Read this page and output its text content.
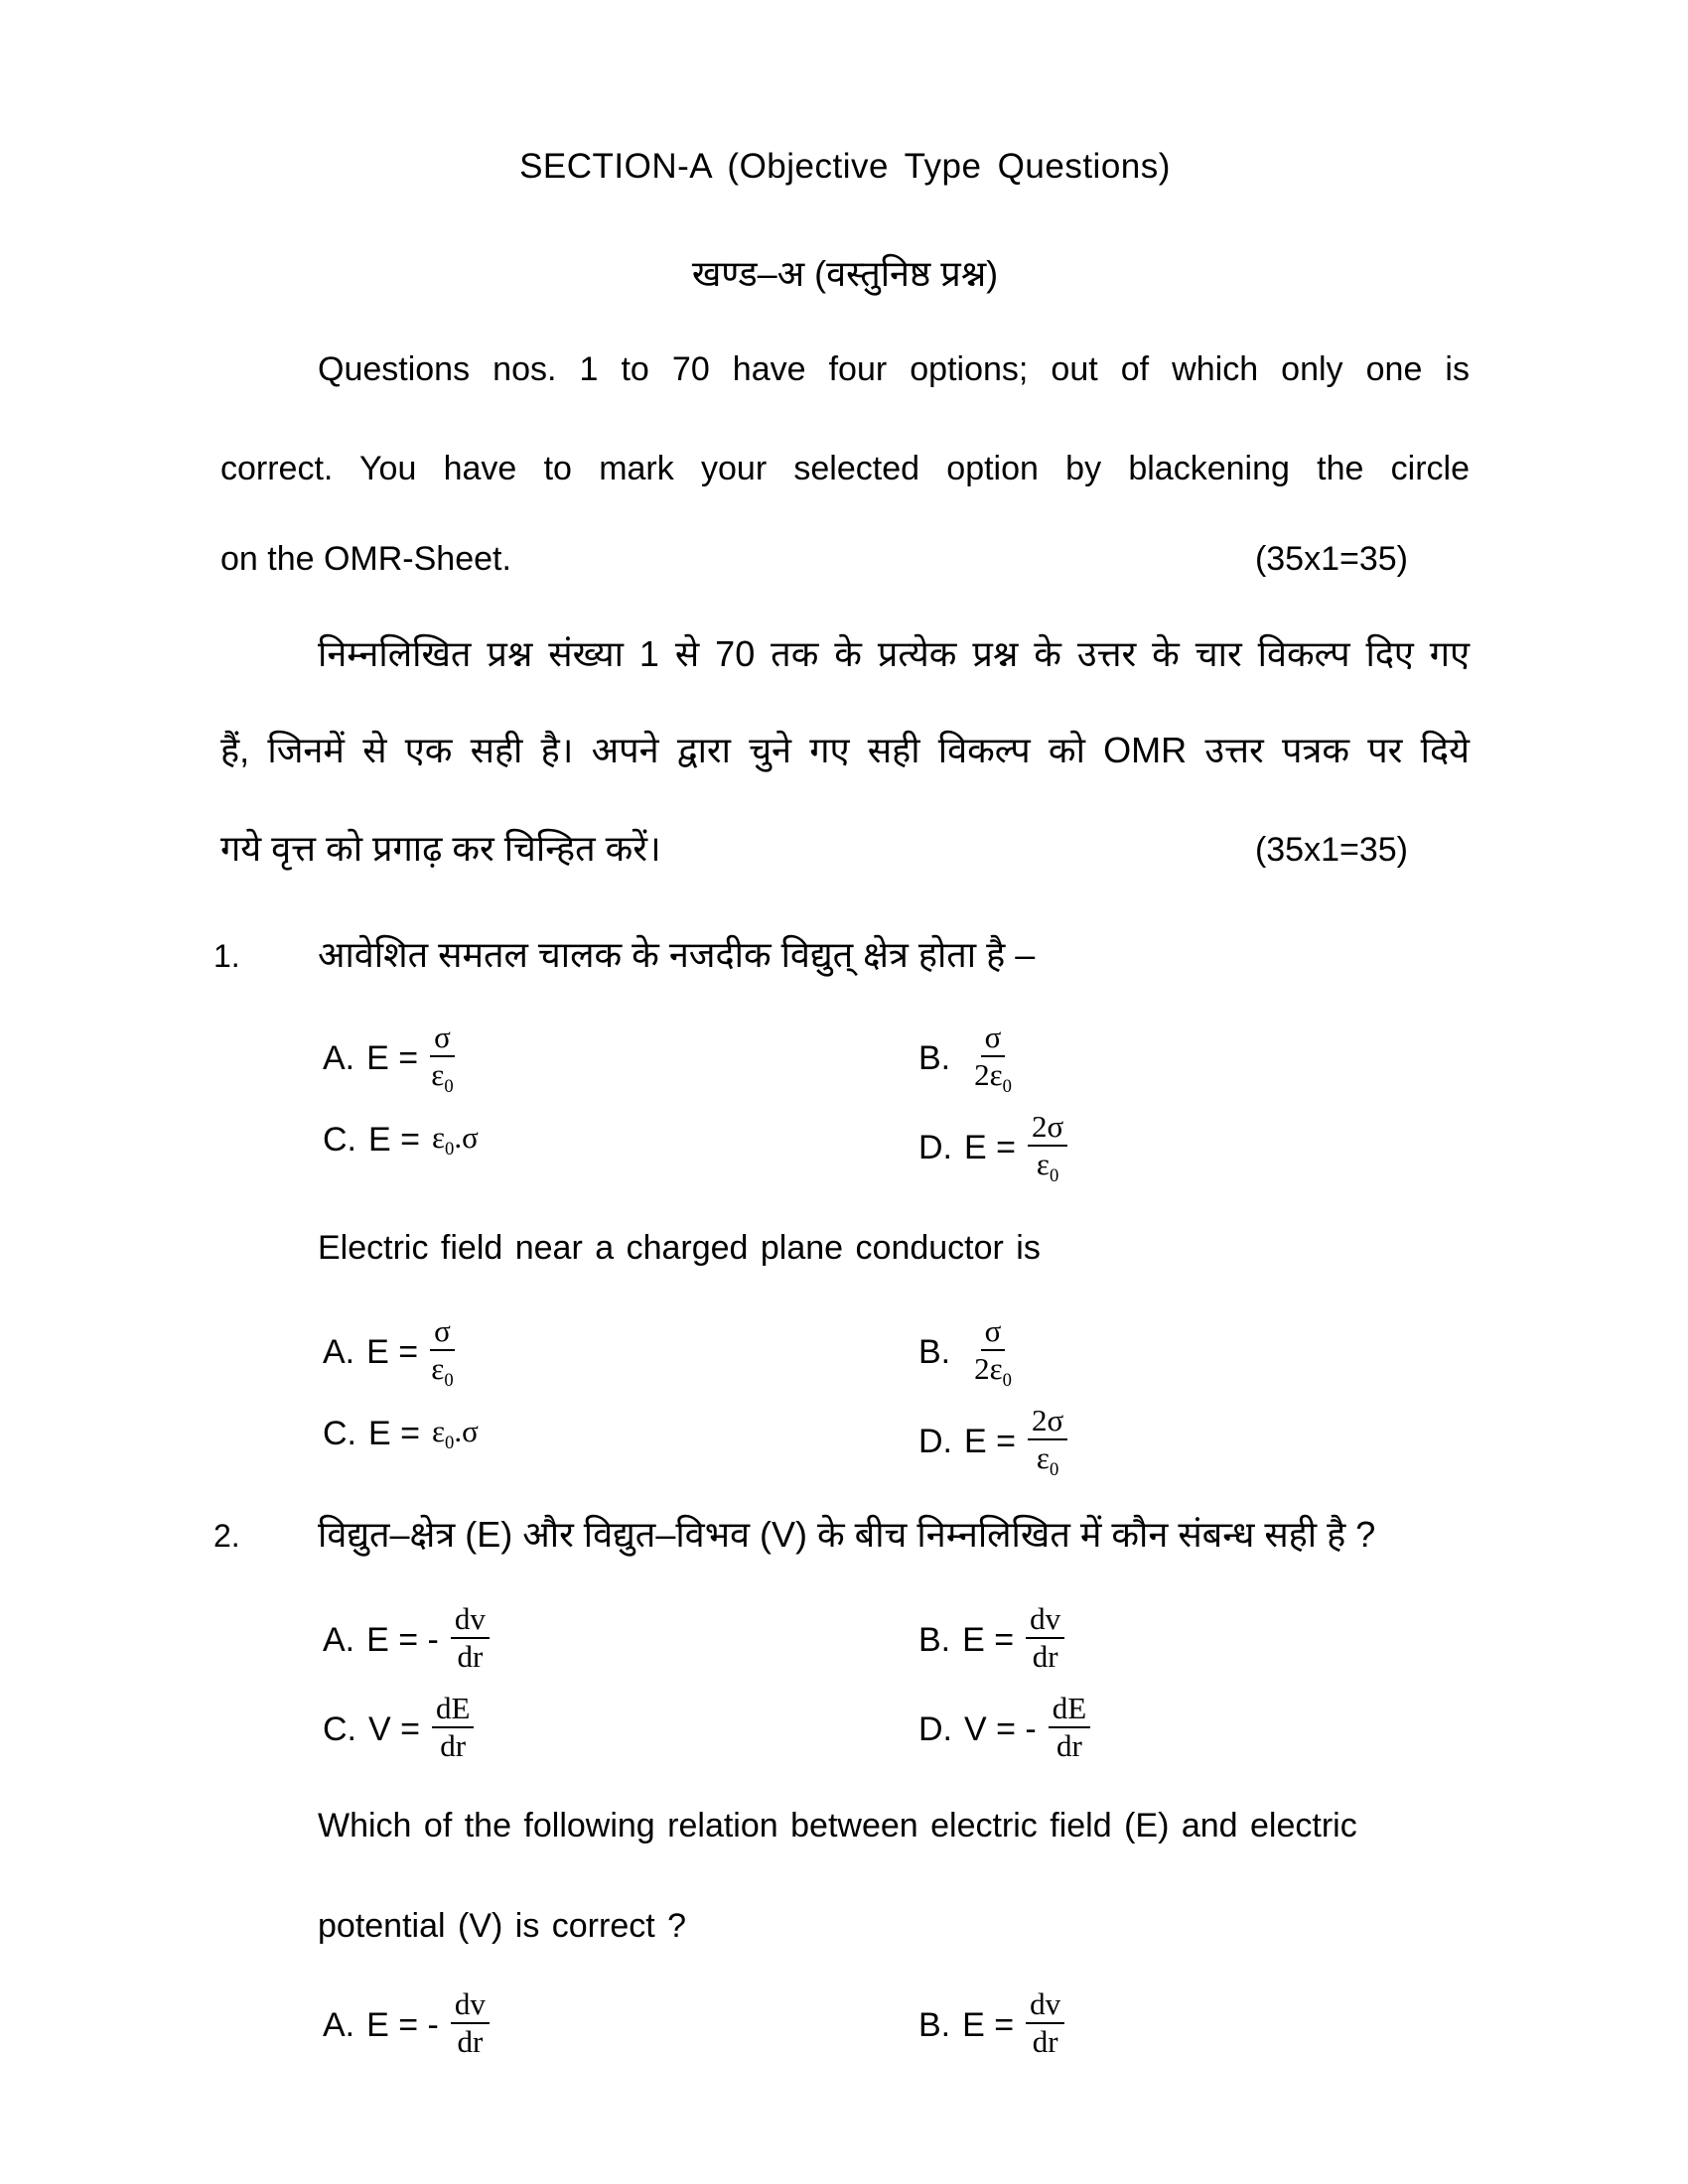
SECTION-A (Objective Type Questions)
खण्ड–अ (वस्तुनिष्ठ प्रश्न)
Questions nos. 1 to 70 have four options; out of which only one is
correct. You have to mark your selected option by blackening the circle
on the OMR-Sheet.	(35x1=35)
निम्नलिखित प्रश्न संख्या 1 से 70 तक के प्रत्येक प्रश्न के उत्तर के चार विकल्प दिए गए
हैं, जिनमें से एक सही है। अपने द्वारा चुने गए सही विकल्प को OMR उत्तर पत्रक पर दिये
गये वृत्त को प्रगाढ़ कर चिन्हित करें।	(35x1=35)
1.	आवेशित समतल चालक के नजदीक विद्युत् क्षेत्र होता है –
A. $E = \frac{\sigma}{\varepsilon_0}$	B. $\frac{\sigma}{2\varepsilon_0}$
C. $E = \varepsilon_0.\sigma$	D. $E = \frac{2\sigma}{\varepsilon_0}$
Electric field near a charged plane conductor is
A. $E = \frac{\sigma}{\varepsilon_0}$	B. $\frac{\sigma}{2\varepsilon_0}$
C. $E = \varepsilon_0.\sigma$	D. $E = \frac{2\sigma}{\varepsilon_0}$
2.	विद्युत–क्षेत्र (E) और विद्युत–विभव (V) के बीच निम्नलिखित में कौन संबन्ध सही है ?
A. E = - $\frac{dv}{dr}$	B. $E = \frac{dv}{dr}$
C. $V = \frac{dE}{dr}$	D. V = - $\frac{dE}{dr}$
Which of the following relation between electric field (E) and electric
potential (V) is correct ?
A. E = - $\frac{dv}{dr}$	B. $E = \frac{dv}{dr}$
